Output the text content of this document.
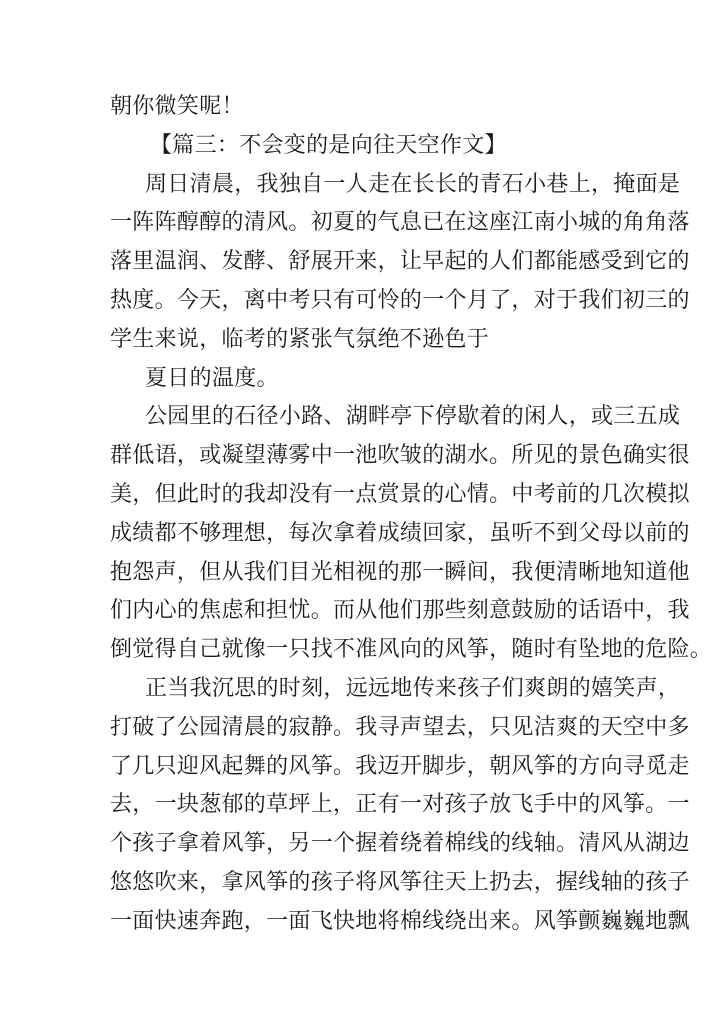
朝你微笑呢！
【篇三：不会变的是向往天空作文】
周日清晨，我独自一人走在长长的青石小巷上，掩面是
一阵阵醇醇的清风。初夏的气息已在这座江南小城的角角落
落里温润、发酵、舒展开来，让早起的人们都能感受到它的
热度。今天，离中考只有可怜的一个月了，对于我们初三的
学生来说，临考的紧张气氛绝不逊色于
夏日的温度。
公园里的石径小路、湖畔亭下停歇着的闲人，或三五成
群低语，或凝望薄雾中一池吹皱的湖水。所见的景色确实很
美，但此时的我却没有一点赏景的心情。中考前的几次模拟
成绩都不够理想，每次拿着成绩回家，虽听不到父母以前的
抱怨声，但从我们目光相视的那一瞬间，我便清晰地知道他
们内心的焦虑和担忧。而从他们那些刻意鼓励的话语中，我
倒觉得自己就像一只找不准风向的风筝，随时有坠地的危险。
正当我沉思的时刻，远远地传来孩子们爽朗的嬉笑声，
打破了公园清晨的寂静。我寻声望去，只见洁爽的天空中多
了几只迎风起舞的风筝。我迈开脚步，朝风筝的方向寻觅走
去，一块葱郁的草坪上，正有一对孩子放飞手中的风筝。一
个孩子拿着风筝，另一个握着绕着棉线的线轴。清风从湖边
悠悠吹来，拿风筝的孩子将风筝往天上扔去，握线轴的孩子
一面快速奔跑，一面飞快地将棉线绕出来。风筝颤巍巍地飘
